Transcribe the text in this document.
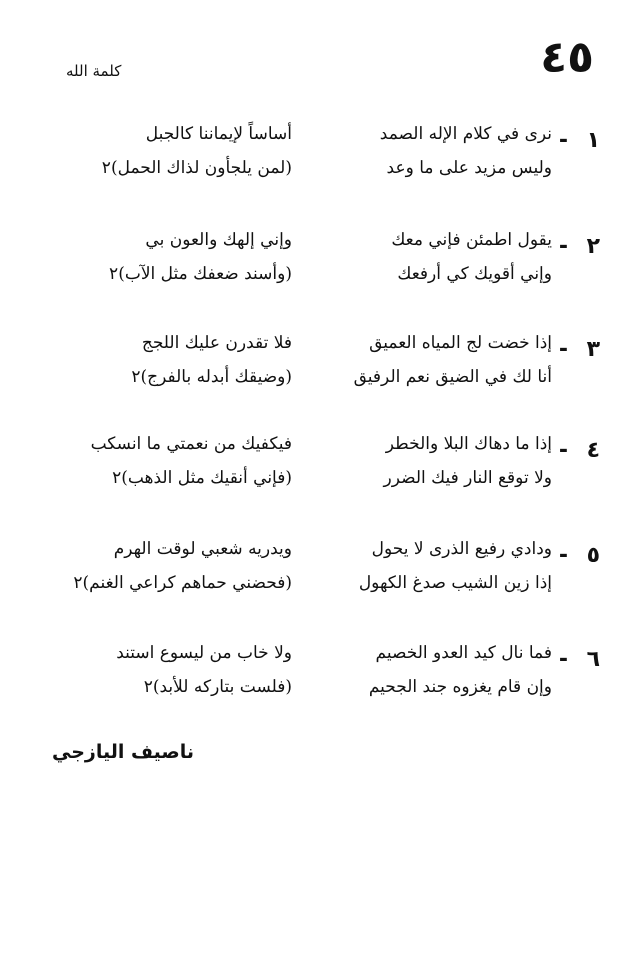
٤٥
كلمة الله
١
-
نرى في كلام الإله الصمد
وليس مزيد على ما وعد
أساساً لإيماننا كالجبل
(لمن يلجأون لذاك الحمل)٢
٢
-
يقول اطمئن فإني معك
وإني أقويك كي أرفعك
وإني إلهك والعون بي
(وأسند ضعفك مثل الآب)٢
٣
-
إذا خضت لج المياه العميق
أنا لك في الضيق نعم الرفيق
فلا تقدرن عليك اللجج
(وضيقك أبدله بالفرج)٢
٤
-
إذا ما دهاك البلا والخطر
ولا توقع النار فيك الضرر
فيكفيك من نعمتي ما انسكب
(فإني أنقيك مثل الذهب)٢
٥
-
ودادي رفيع الذرى لا يحول
إذا زين الشيب صدغ الكهول
ويدريه شعبي لوقت الهرم
(فحضني حماهم كراعي الغنم)٢
٦
-
فما نال كيد العدو الخصيم
وإن قام يغزوه جند الجحيم
ولا خاب من ليسوع استند
(فلست بتاركه للأبد)٢
ناصيف اليازجي
